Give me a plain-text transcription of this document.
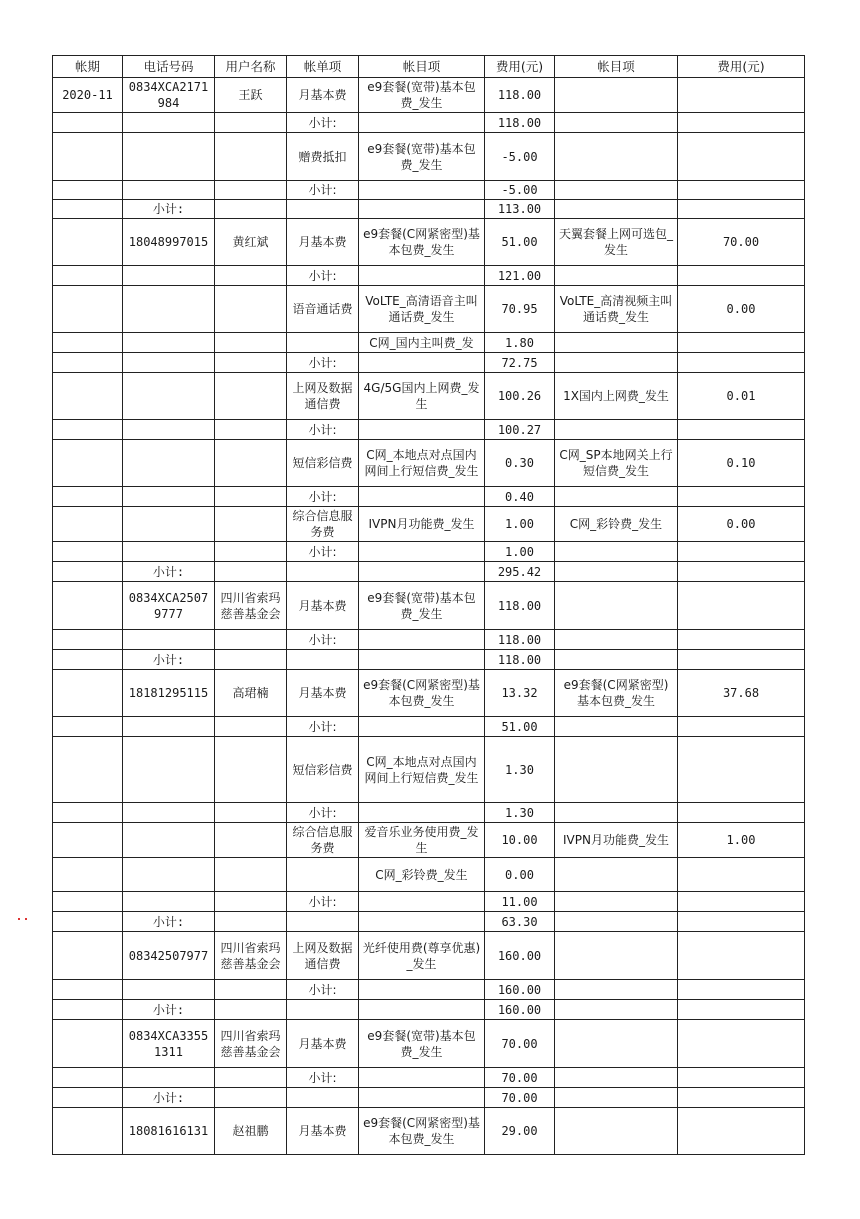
帐期	电话号码	用户名称	帐单项	帐目项	费用(元)	帐目项	费用(元)
2020-11	0834XCA2171984	王跃	月基本费	e9套餐(宽带)基本包费_发生	118.00		
			小计:		118.00		
			赠费抵扣	e9套餐(宽带)基本包费_发生	-5.00		
			小计:		-5.00		
	小计:				113.00		
	18048997015	黄红斌	月基本费	e9套餐(C网紧密型)基本包费_发生	51.00	天翼套餐上网可选包_发生	70.00
			小计:		121.00		
			语音通话费	VoLTE_高清语音主叫通话费_发生	70.95	VoLTE_高清视频主叫通话费_发生	0.00
				C网_国内主叫费_发	1.80		
			小计:		72.75		
			上网及数据通信费	4G/5G国内上网费_发生	100.26	1X国内上网费_发生	0.01
			小计:		100.27		
			短信彩信费	C网_本地点对点国内网间上行短信费_发生	0.30	C网_SP本地网关上行短信费_发生	0.10
			小计:		0.40		
			综合信息服务费	IVPN月功能费_发生	1.00	C网_彩铃费_发生	0.00
			小计:		1.00		
	小计:				295.42		
	0834XCA25079777	四川省索玛慈善基金会	月基本费	e9套餐(宽带)基本包费_发生	118.00		
			小计:		118.00		
	小计:				118.00		
	18181295115	高珺楠	月基本费	e9套餐(C网紧密型)基本包费_发生	13.32	e9套餐(C网紧密型)基本包费_发生	37.68
			小计:		51.00		
			短信彩信费	C网_本地点对点国内网间上行短信费_发生	1.30		
			小计:		1.30		
			综合信息服务费	爱音乐业务使用费_发生	10.00	IVPN月功能费_发生	1.00
				C网_彩铃费_发生	0.00		
			小计:		11.00		
	小计:				63.30		
	08342507977	四川省索玛慈善基金会	上网及数据通信费	光纤使用费(尊享优惠)_发生	160.00		
			小计:		160.00		
	小计:				160.00		
	0834XCA33551311	四川省索玛慈善基金会	月基本费	e9套餐(宽带)基本包费_发生	70.00		
			小计:		70.00		
	小计:				70.00		
	18081616131	赵祖鹏	月基本费	e9套餐(C网紧密型)基本包费_发生	29.00		
